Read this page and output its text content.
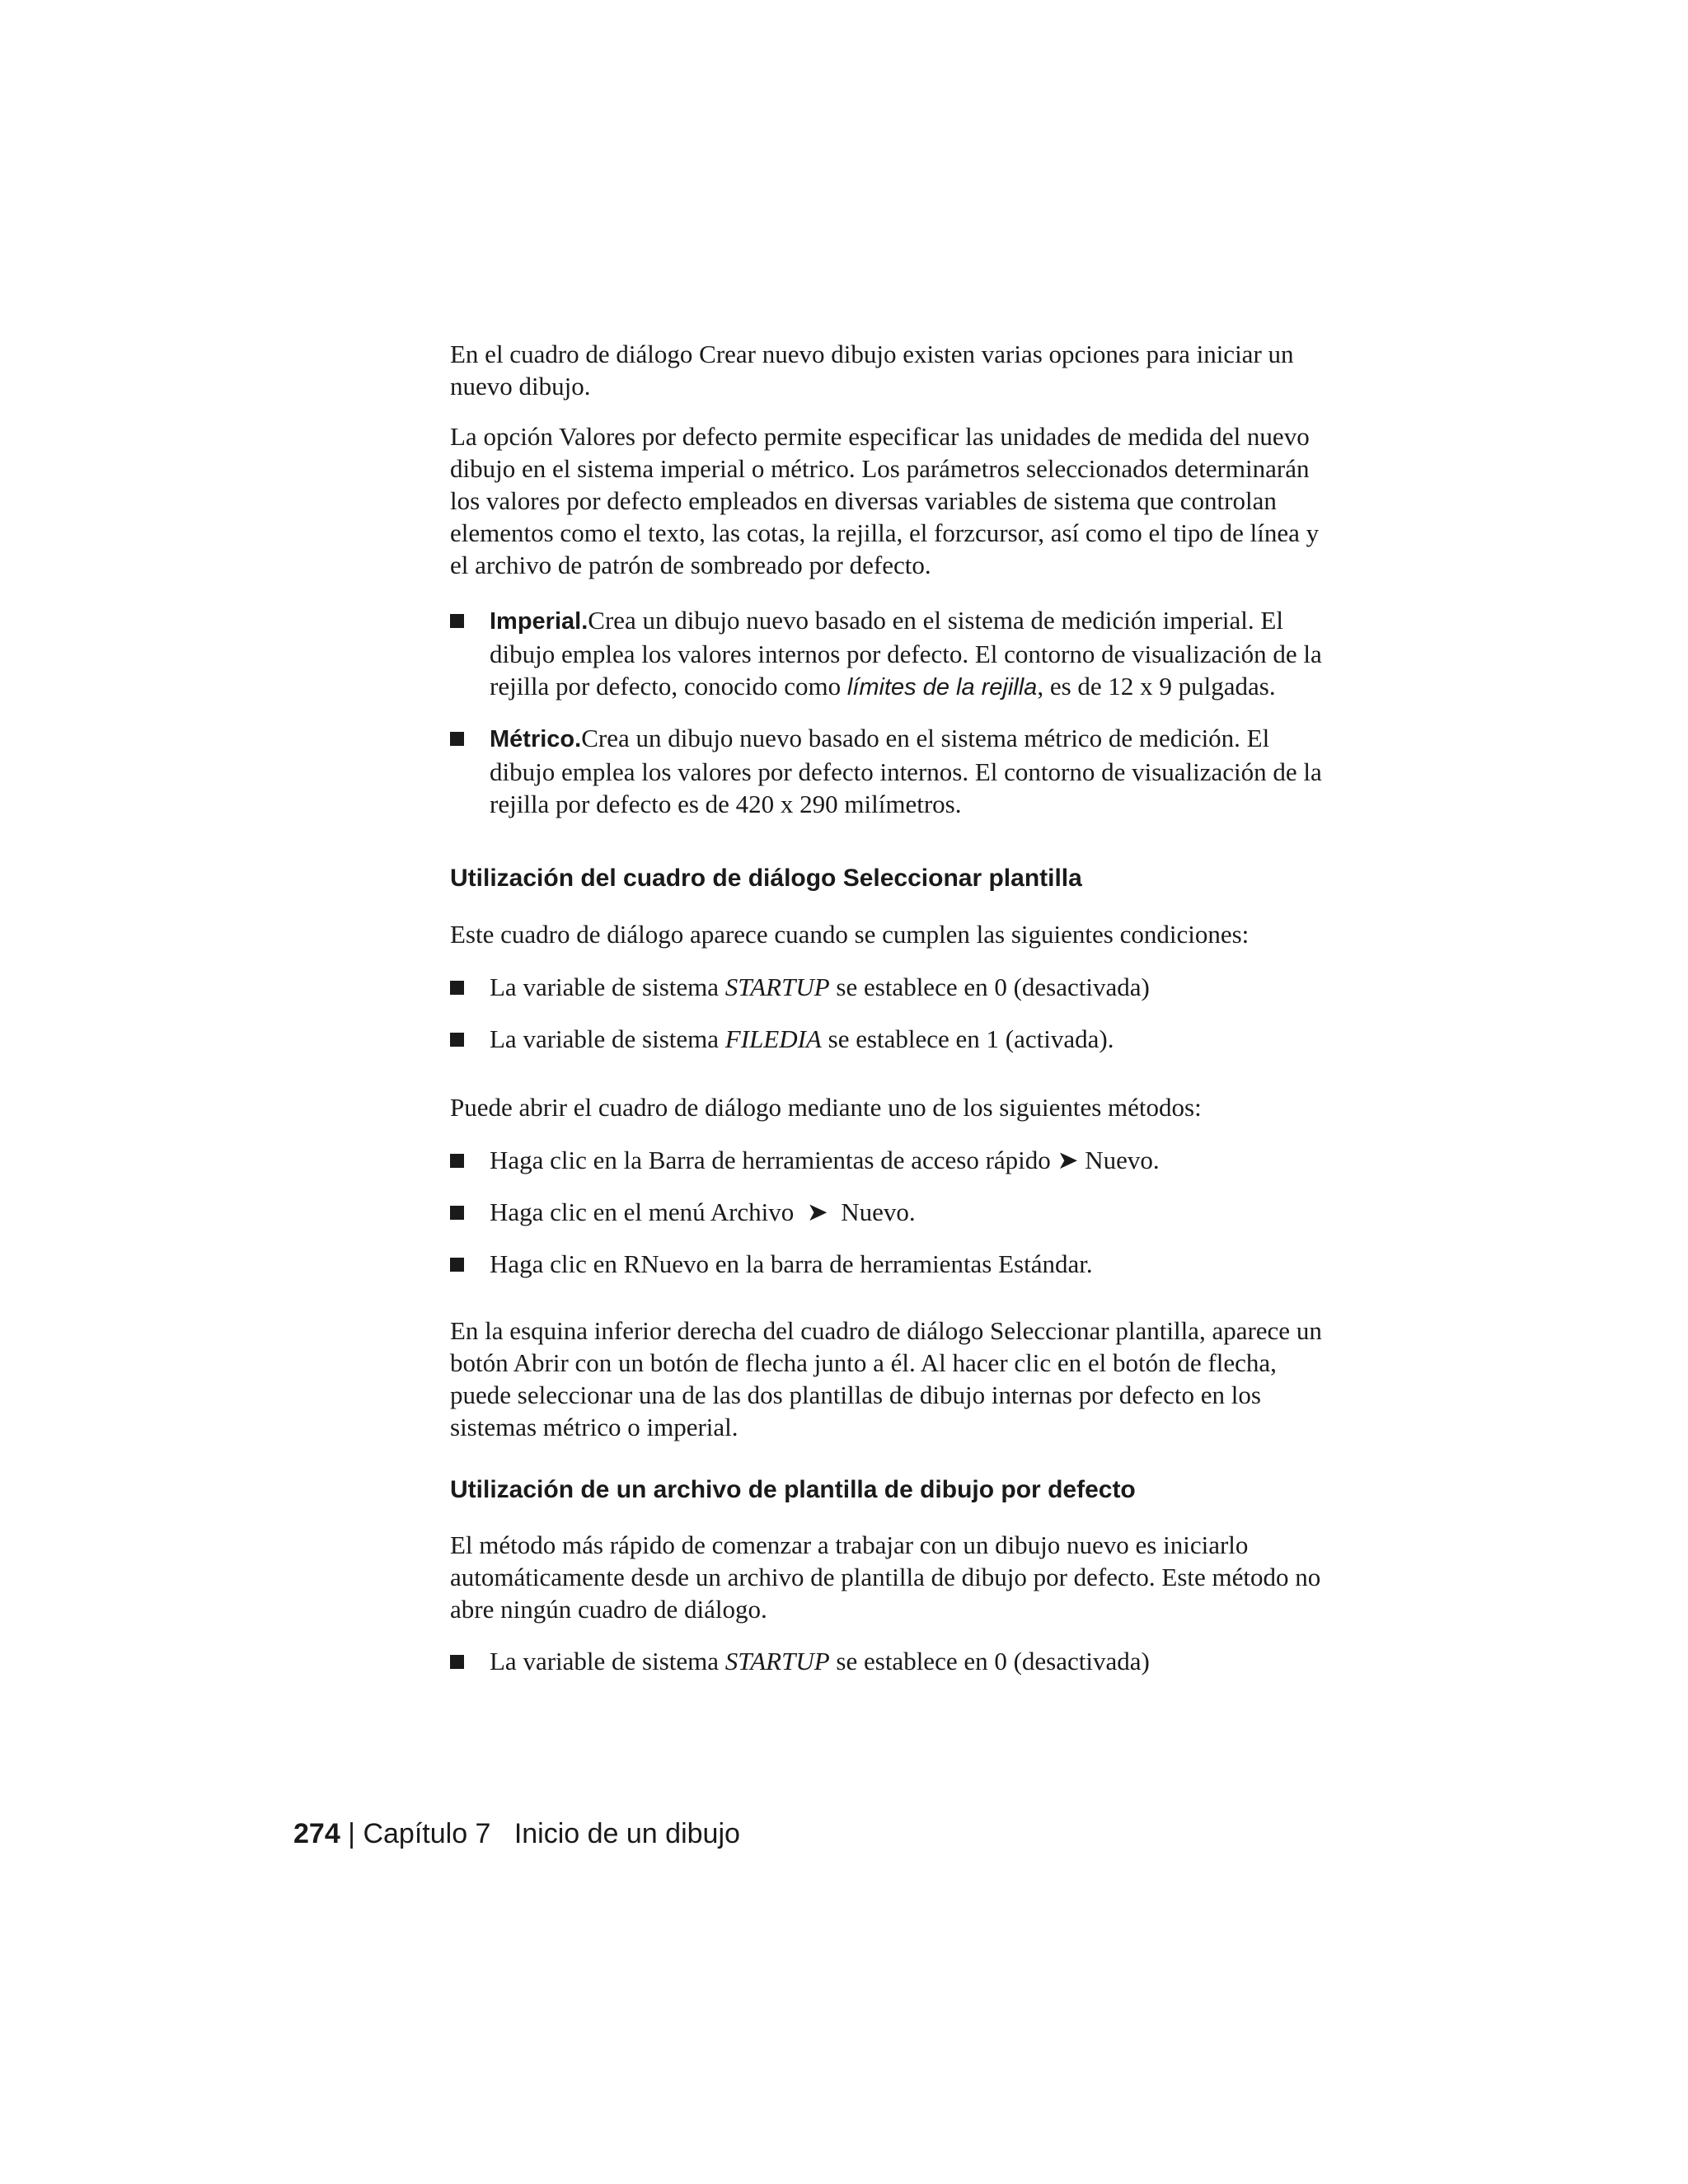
En el cuadro de diálogo Crear nuevo dibujo existen varias opciones para iniciar un nuevo dibujo.

La opción Valores por defecto permite especificar las unidades de medida del nuevo dibujo en el sistema imperial o métrico. Los parámetros seleccionados determinarán los valores por defecto empleados en diversas variables de sistema que controlan elementos como el texto, las cotas, la rejilla, el forzcursor, así como el tipo de línea y el archivo de patrón de sombreado por defecto.

Imperial.Crea un dibujo nuevo basado en el sistema de medición imperial. El dibujo emplea los valores internos por defecto. El contorno de visualización de la rejilla por defecto, conocido como límites de la rejilla, es de 12 x 9 pulgadas.
Métrico.Crea un dibujo nuevo basado en el sistema métrico de medición. El dibujo emplea los valores por defecto internos. El contorno de visualización de la rejilla por defecto es de 420 x 290 milímetros.

Utilización del cuadro de diálogo Seleccionar plantilla

Este cuadro de diálogo aparece cuando se cumplen las siguientes condiciones:

La variable de sistema STARTUP se establece en 0 (desactivada)
La variable de sistema FILEDIA se establece en 1 (activada).

Puede abrir el cuadro de diálogo mediante uno de los siguientes métodos:

Haga clic en la Barra de herramientas de acceso rápido ➤ Nuevo.
Haga clic en el menú Archivo  ➤  Nuevo.
Haga clic en RNuevo en la barra de herramientas Estándar.

En la esquina inferior derecha del cuadro de diálogo Seleccionar plantilla, aparece un botón Abrir con un botón de flecha junto a él. Al hacer clic en el botón de flecha, puede seleccionar una de las dos plantillas de dibujo internas por defecto en los sistemas métrico o imperial.

Utilización de un archivo de plantilla de dibujo por defecto

El método más rápido de comenzar a trabajar con un dibujo nuevo es iniciarlo automáticamente desde un archivo de plantilla de dibujo por defecto. Este método no abre ningún cuadro de diálogo.

La variable de sistema STARTUP se establece en 0 (desactivada)
274 | Capítulo 7 Inicio de un dibujo
